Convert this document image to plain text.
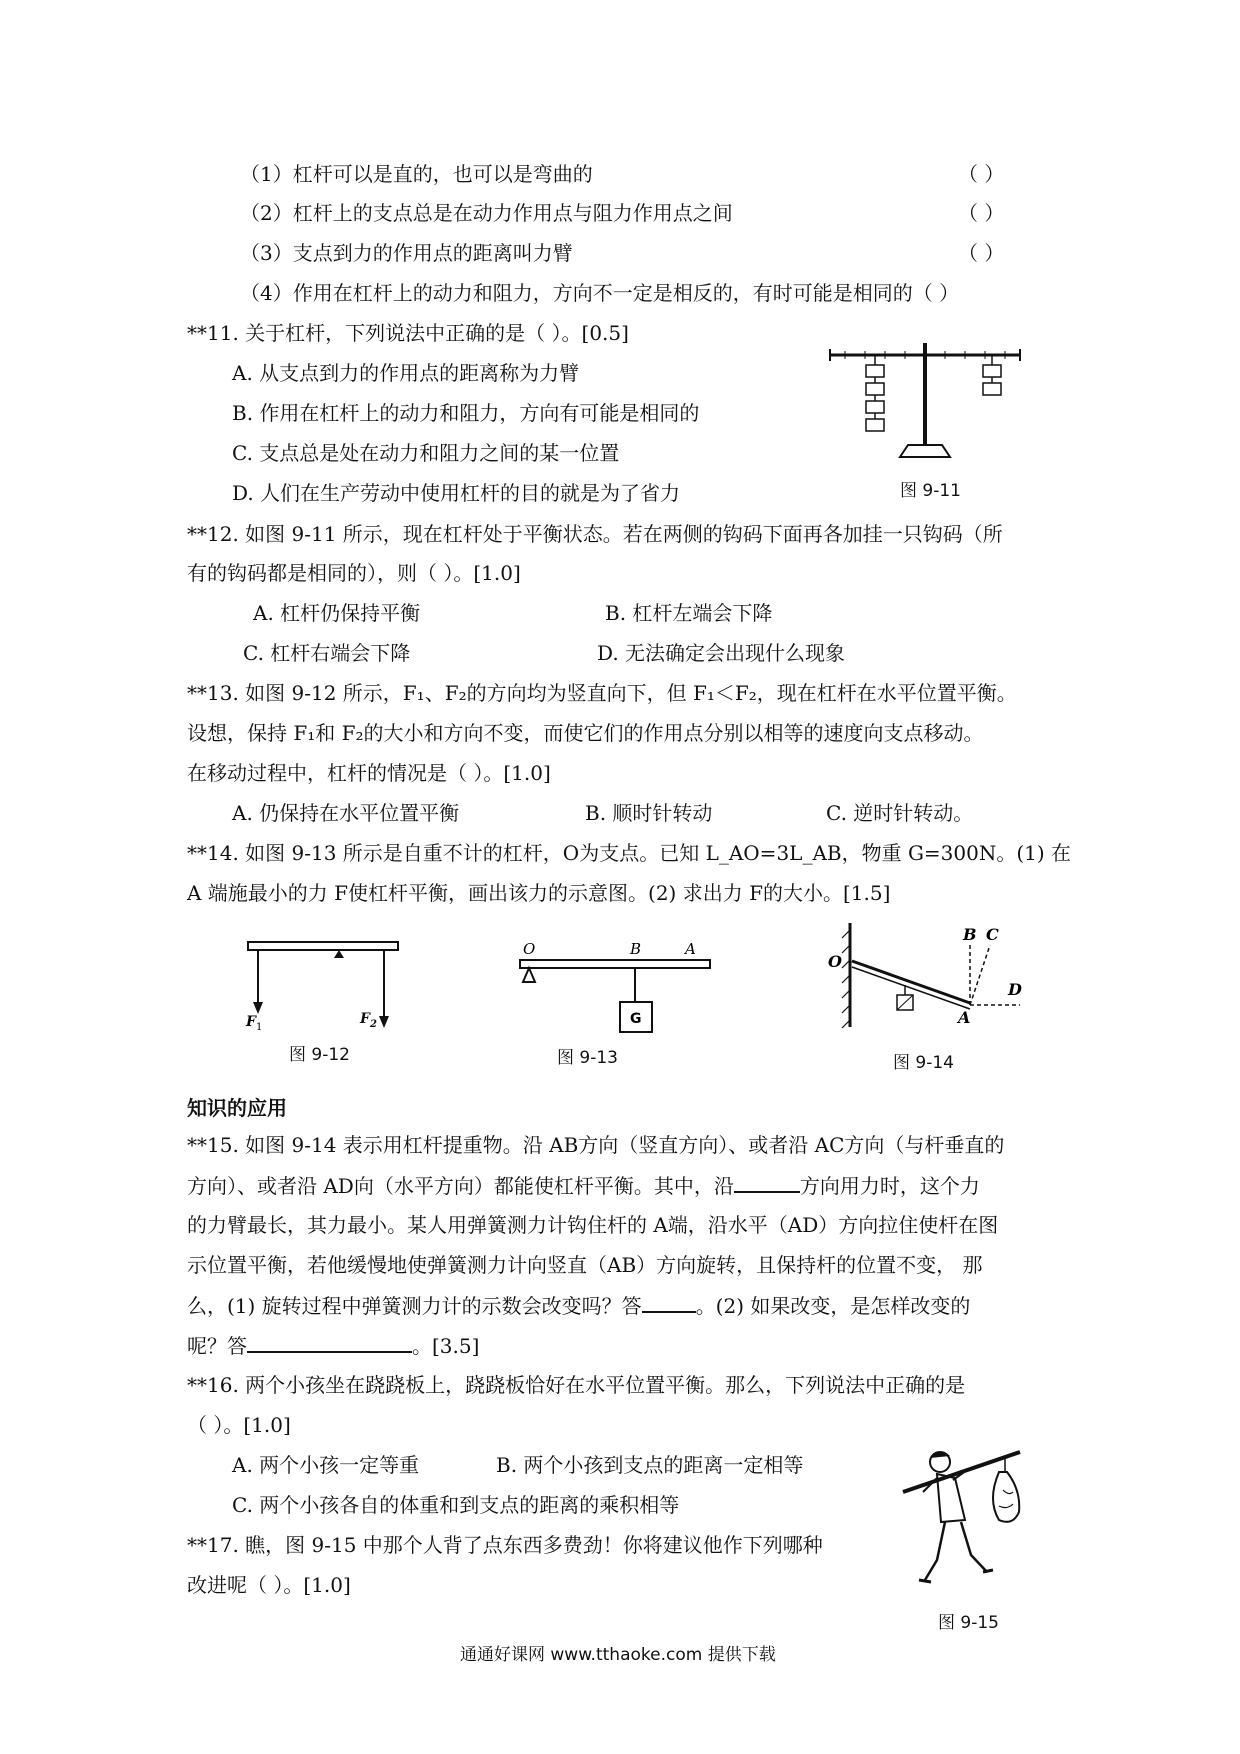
（1）杠杆可以是直的，也可以是弯曲的	（ ）
（2）杠杆上的支点总是在动力作用点与阻力作用点之间	（ ）
（3）支点到力的作用点的距离叫力臂	（ ）
（4）作用在杠杆上的动力和阻力，方向不一定是相反的，有时可能是相同的（ ）
**11. 关于杠杆，下列说法中正确的是（ ）。[0.5]
A. 从支点到力的作用点的距离称为力臂
B. 作用在杠杆上的动力和阻力，方向有可能是相同的
C. 支点总是处在动力和阻力之间的某一位置
D. 人们在生产劳动中使用杠杆的目的就是为了省力	图 9-11
**12. 如图 9-11 所示，现在杠杆处于平衡状态。若在两侧的钩码下面再各加挂一只钩码（所
有的钩码都是相同的），则（ ）。[1.0]
A. 杠杆仍保持平衡	B. 杠杆左端会下降
C. 杠杆右端会下降	D. 无法确定会出现什么现象
**13. 如图 9-12 所示，F₁、F₂的方向均为竖直向下，但 F₁＜F₂，现在杠杆在水平位置平衡。
设想，保持 F₁和 F₂的大小和方向不变，而使它们的作用点分别以相等的速度向支点移动。
在移动过程中，杠杆的情况是（ ）。[1.0]
A. 仍保持在水平位置平衡	B. 顺时针转动	C. 逆时针转动。
**14. 如图 9-13 所示是自重不计的杠杆，O为支点。已知 L_AO=3L_AB，物重 G=300N。(1) 在
A 端施最小的力 F使杠杆平衡，画出该力的示意图。(2) 求出力 F的大小。[1.5]
F 1
$F_2$
图 9-12
O	B	A
G
图 9-13
O
B C
D
A
图 9-14
知识的应用
**15. 如图 9-14 表示用杠杆提重物。沿 AB方向（竖直方向）、或者沿 AC方向（与杆垂直的
方向）、或者沿 AD向（水平方向）都能使杠杆平衡。其中，沿	方向用力时，这个力
的力臂最长，其力最小。某人用弹簧测力计钩住杆的 A端，沿水平（AD）方向拉住使杆在图
示位置平衡，若他缓慢地使弹簧测力计向竖直（AB）方向旋转，且保持杆的位置不变， 那
么，(1) 旋转过程中弹簧测力计的示数会改变吗？答	。(2) 如果改变，是怎样改变的
呢？答	。[3.5]
**16. 两个小孩坐在跷跷板上，跷跷板恰好在水平位置平衡。那么，下列说法中正确的是
（ ）。[1.0]
A. 两个小孩一定等重	B. 两个小孩到支点的距离一定相等
C. 两个小孩各自的体重和到支点的距离的乘积相等
**17. 瞧，图 9-15 中那个人背了点东西多费劲！你将建议他作下列哪种
改进呢（ ）。[1.0]
图 9-15
通通好课网 www.tthaoke.com 提供下载
